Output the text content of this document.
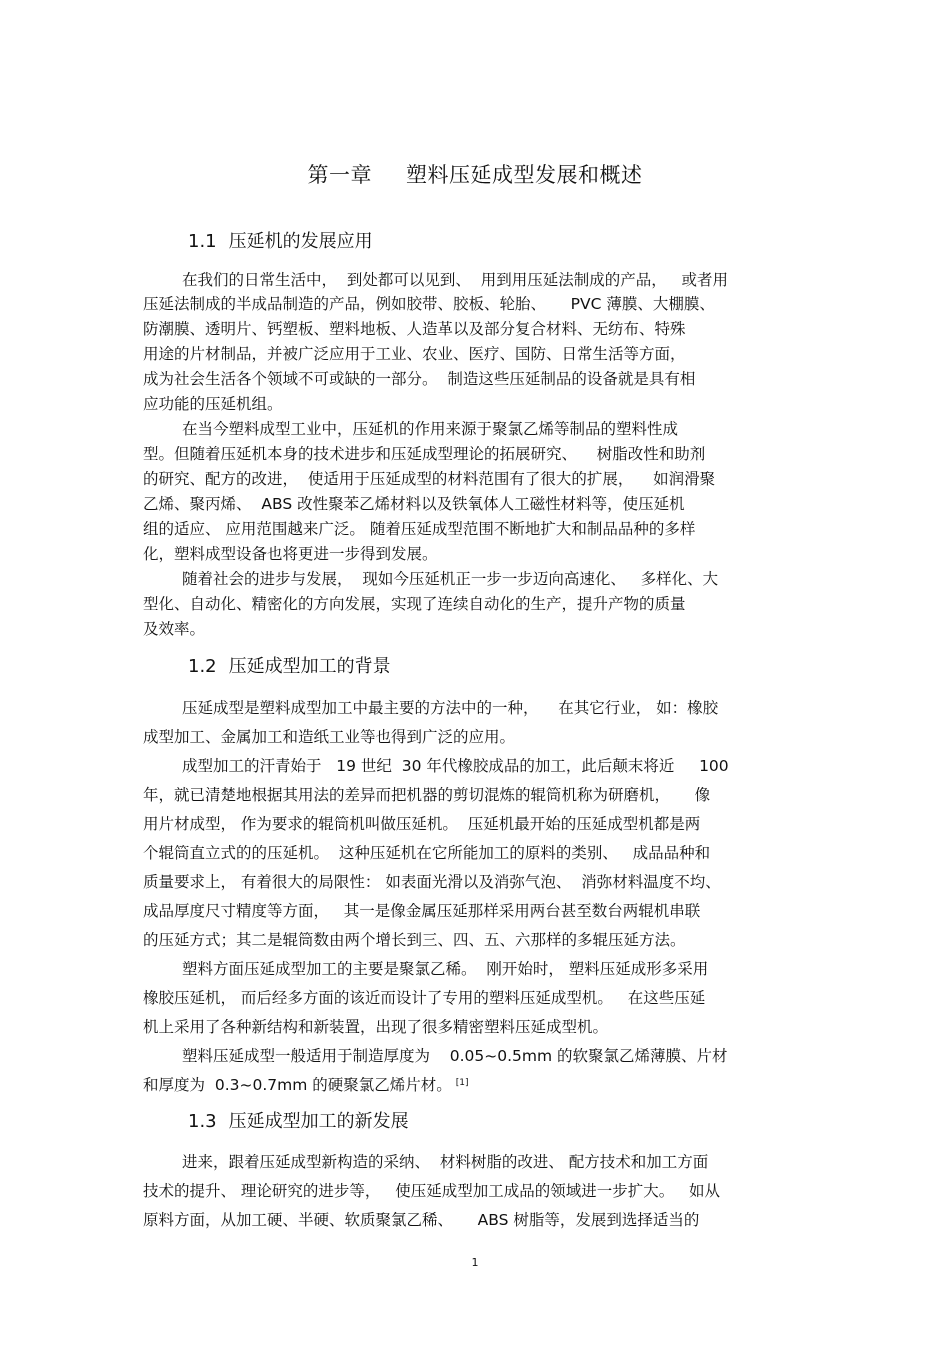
第一章 塑料压延成型发展和概述
1.1 压延机的发展应用
在我们的日常生活中，  到处都可以见到、  用到用压延法制成的产品，   或者用
压延法制成的半成品制造的产品，例如胶带、胶板、轮胎、     PVC 薄膜、大棚膜、
防潮膜、透明片、钙塑板、塑料地板、人造革以及部分复合材料、无纺布、特殊
用途的片材制品，并被广泛应用于工业、农业、医疗、国防、日常生活等方面，
成为社会生活各个领域不可或缺的一部分。  制造这些压延制品的设备就是具有相
应功能的压延机组。
在当今塑料成型工业中，压延机的作用来源于聚氯乙烯等制品的塑料性成
型。但随着压延机本身的技术进步和压延成型理论的拓展研究、    树脂改性和助剂
的研究、配方的改进，  使适用于压延成型的材料范围有了很大的扩展，    如润滑聚
乙烯、聚丙烯、  ABS 改性聚苯乙烯材料以及铁氧体人工磁性材料等，使压延机
组的适应、 应用范围越来广泛。 随着压延成型范围不断地扩大和制品品种的多样
化，塑料成型设备也将更进一步得到发展。
随着社会的进步与发展，  现如今压延机正一步一步迈向高速化、   多样化、大
型化、自动化、精密化的方向发展，实现了连续自动化的生产，提升产物的质量
及效率。
1.2 压延成型加工的背景
压延成型是塑料成型加工中最主要的方法中的一种，    在其它行业， 如：橡胶
成型加工、金属加工和造纸工业等也得到广泛的应用。
成型加工的汗青始于   19 世纪  30 年代橡胶成品的加工，此后颠末将近     100
年，就已清楚地根据其用法的差异而把机器的剪切混炼的辊筒机称为研磨机，     像
用片材成型， 作为要求的辊筒机叫做压延机。  压延机最开始的压延成型机都是两
个辊筒直立式的的压延机。  这种压延机在它所能加工的原料的类别、   成品品种和
质量要求上， 有着很大的局限性： 如表面光滑以及消弥气泡、  消弥材料温度不均、
成品厚度尺寸精度等方面，   其一是像金属压延那样采用两台甚至数台两辊机串联
的压延方式；其二是辊筒数由两个增长到三、四、五、六那样的多辊压延方法。
塑料方面压延成型加工的主要是聚氯乙稀。  刚开始时， 塑料压延成形多采用
橡胶压延机， 而后经多方面的该近而设计了专用的塑料压延成型机。   在这些压延
机上采用了各种新结构和新装置，出现了很多精密塑料压延成型机。
塑料压延成型一般适用于制造厚度为    0.05~0.5mm 的软聚氯乙烯薄膜、片材
和厚度为  0.3~0.7mm 的硬聚氯乙烯片材。 [1]
1.3 压延成型加工的新发展
进来，跟着压延成型新构造的采纳、  材料树脂的改进、 配方技术和加工方面
技术的提升、 理论研究的进步等，   使压延成型加工成品的领域进一步扩大。   如从
原料方面，从加工硬、半硬、软质聚氯乙稀、     ABS 树脂等，发展到选择适当的
1
